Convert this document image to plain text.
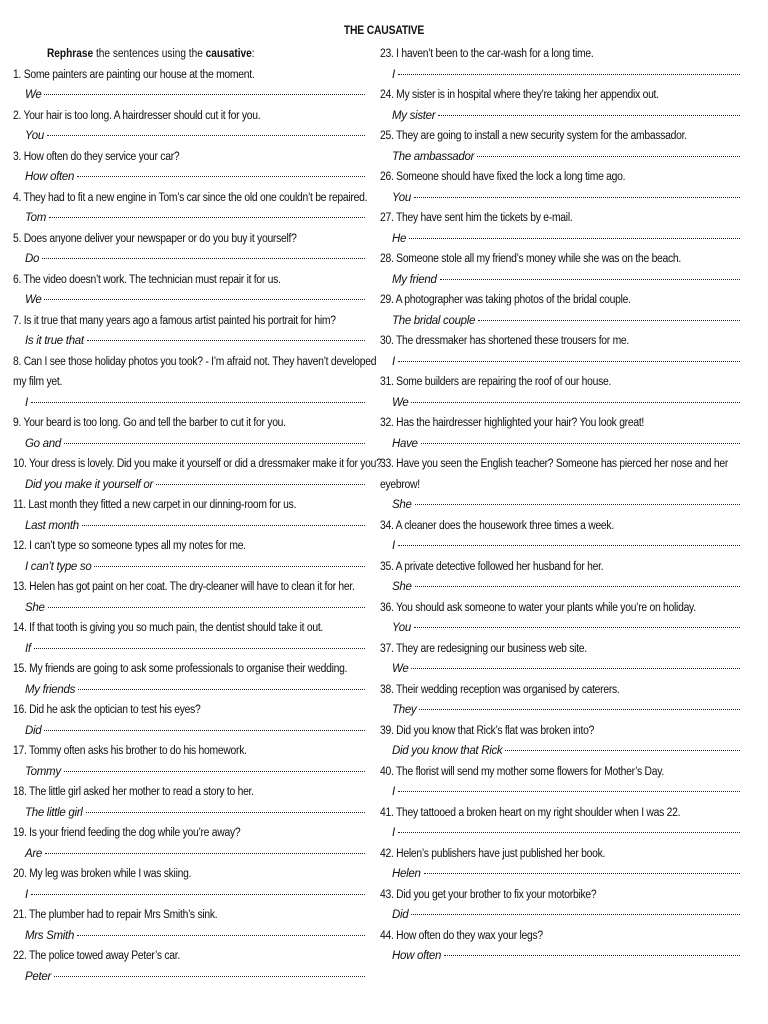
THE CAUSATIVE
Rephrase the sentences using the causative:
1. Some painters are painting our house at the moment.
We
2. Your hair is too long. A hairdresser should cut it for you.
You
3. How often do they service your car?
How often
4. They had to fit a new engine in Tom’s car since the old one couldn’t be repaired.
Tom
5. Does anyone deliver your newspaper or do you buy it yourself?
Do
6. The video doesn’t work. The technician must repair it for us.
We
7. Is it true that many years ago a famous artist painted his portrait for him?
Is it true that
8. Can I see those holiday photos you took? - I’m afraid not. They haven’t developed
my film yet.
I
9. Your beard is too long. Go and tell the barber to cut it for you.
Go and
10. Your dress is lovely. Did you make it yourself or did a dressmaker make it for you?
Did you make it yourself or
11. Last month they fitted a new carpet in our dinning-room for us.
Last month
12. I can’t type so someone types all my notes for me.
I can’t type so
13. Helen has got paint on her coat. The dry-cleaner will have to clean it for her.
She
14. If that tooth is giving you so much pain, the dentist should take it out.
If
15. My friends are going to ask some professionals to organise their wedding.
My friends
16. Did he ask the optician to test his eyes?
Did
17. Tommy often asks his brother to do his homework.
Tommy
18. The little girl asked her mother to read a story to her.
The little girl
19. Is your friend feeding the dog while you’re away?
Are
20. My leg was broken while I was skiing.
I
21. The plumber had to repair Mrs Smith’s sink.
Mrs Smith
22. The police towed away Peter’s car.
Peter
23. I haven’t been to the car-wash for a long time.
I
24. My sister is in hospital where they’re taking her appendix out.
My sister
25. They are going to install a new security system for the ambassador.
The ambassador
26. Someone should have fixed the lock a long time ago.
You
27. They have sent him the tickets by e-mail.
He
28. Someone stole all my friend’s money while she was on the beach.
My friend
29. A photographer was taking photos of the bridal couple.
The bridal couple
30. The dressmaker has shortened these trousers for me.
I
31. Some builders are repairing the roof of our house.
We
32. Has the hairdresser highlighted your hair? You look great!
Have
33. Have you seen the English teacher? Someone has pierced her nose and her
eyebrow!
She
34. A cleaner does the housework three times a week.
I
35. A private detective followed her husband for her.
She
36. You should ask someone to water your plants while you’re on holiday.
You
37. They are redesigning our business web site.
We
38. Their wedding reception was organised by caterers.
They
39. Did you know that Rick’s flat was broken into?
Did you know that Rick
40. The florist will send my mother some flowers for Mother’s Day.
I
41. They tattooed a broken heart on my right shoulder when I was 22.
I
42. Helen’s publishers have just published her book.
Helen
43. Did you get your brother to fix your motorbike?
Did
44. How often do they wax your legs?
How often
